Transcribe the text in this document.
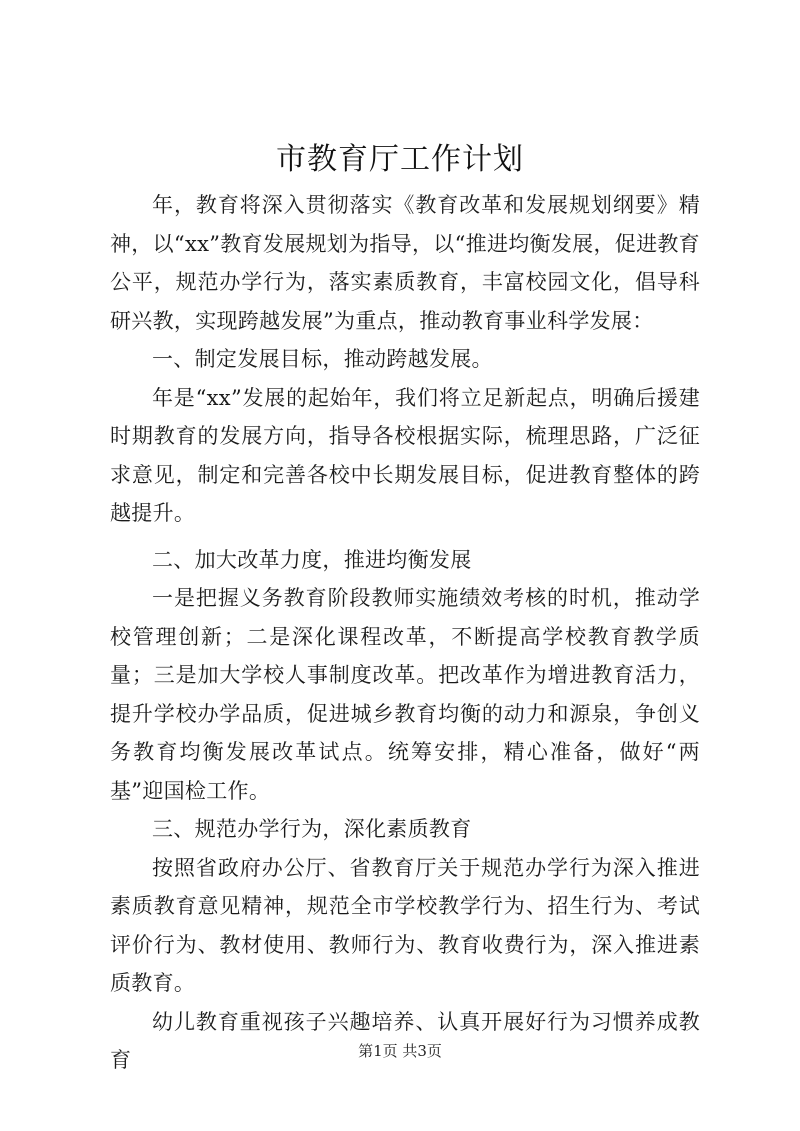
市教育厅工作计划

年，教育将深入贯彻落实《教育改革和发展规划纲要》精神，以“xx”教育发展规划为指导，以“推进均衡发展，促进教育公平，规范办学行为，落实素质教育，丰富校园文化，倡导科研兴教，实现跨越发展”为重点，推动教育事业科学发展：

一、制定发展目标，推动跨越发展。

年是“xx”发展的起始年，我们将立足新起点，明确后援建时期教育的发展方向，指导各校根据实际，梳理思路，广泛征求意见，制定和完善各校中长期发展目标，促进教育整体的跨越提升。

二、加大改革力度，推进均衡发展

一是把握义务教育阶段教师实施绩效考核的时机，推动学校管理创新；二是深化课程改革，不断提高学校教育教学质量；三是加大学校人事制度改革。把改革作为增进教育活力，提升学校办学品质，促进城乡教育均衡的动力和源泉，争创义务教育均衡发展改革试点。统筹安排，精心准备，做好“两基”迎国检工作。

三、规范办学行为，深化素质教育

按照省政府办公厅、省教育厅关于规范办学行为深入推进素质教育意见精神，规范全市学校教学行为、招生行为、考试评价行为、教材使用、教师行为、教育收费行为，深入推进素质教育。

幼儿教育重视孩子兴趣培养、认真开展好行为习惯养成教育	第1页 共3页
